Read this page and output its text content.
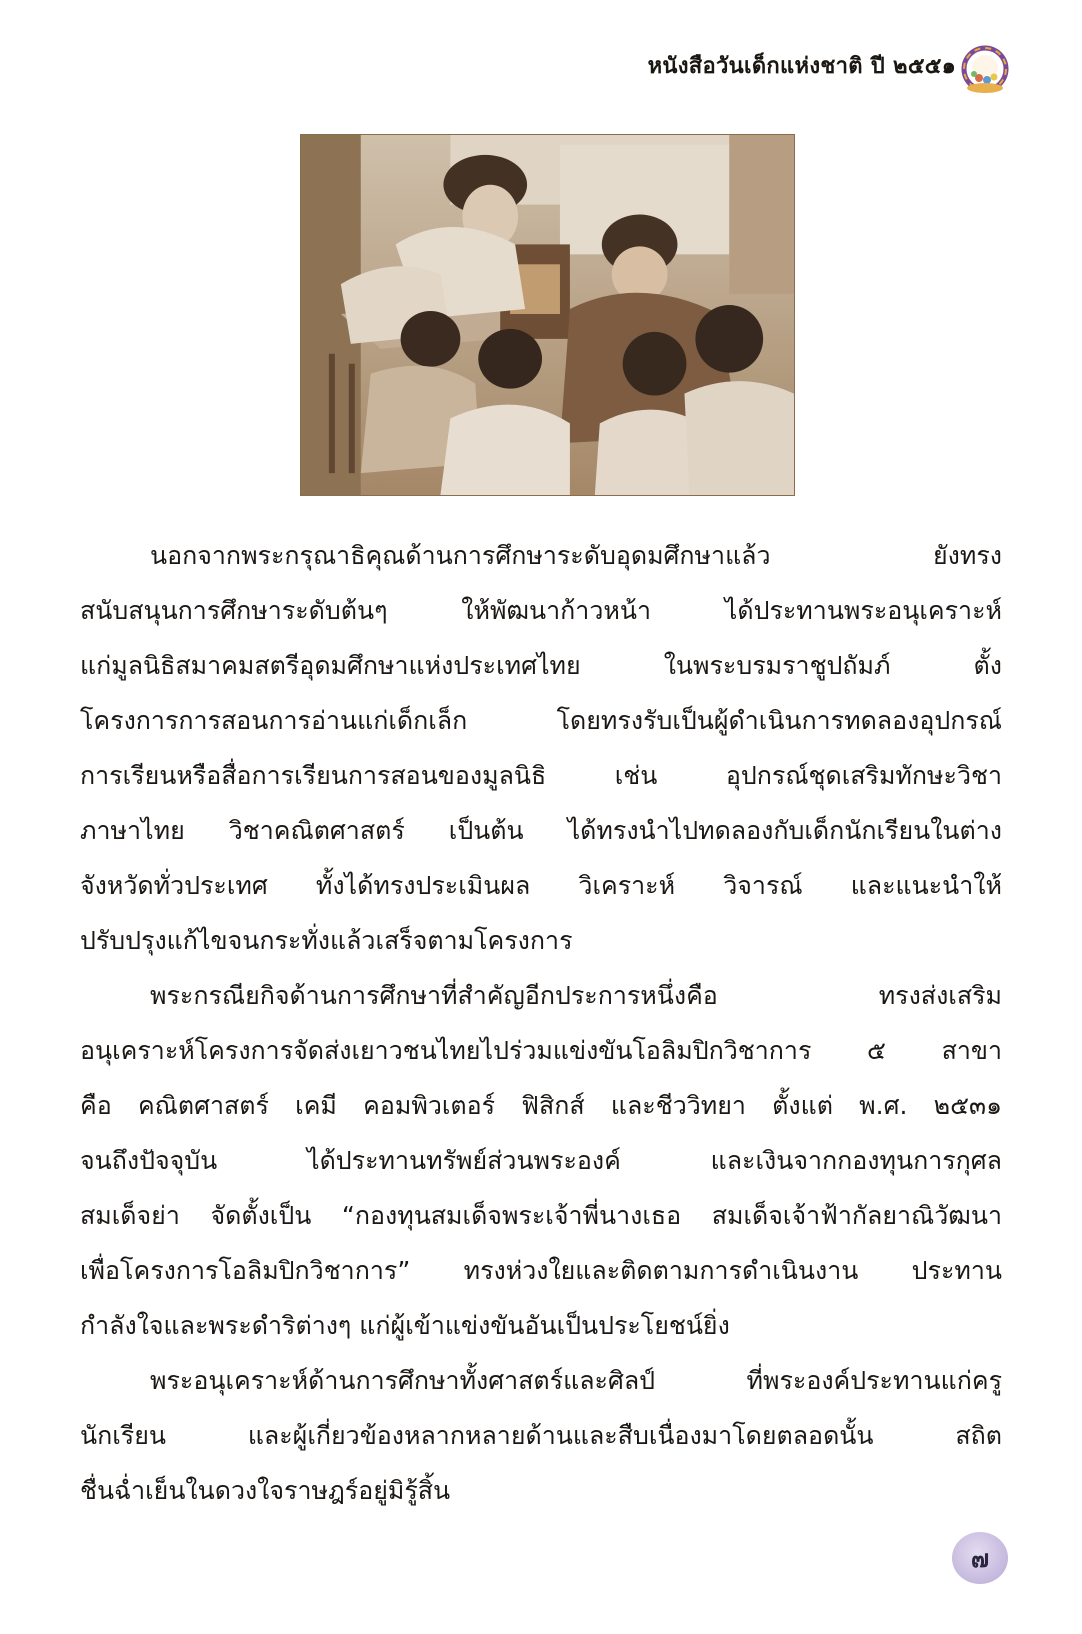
หนังสือวันเด็กแห่งชาติ ปี ๒๕๕๑
นอกจากพระกรุณาธิคุณด้านการศึกษาระดับอุดมศึกษาแล้ว ยังทรง
สนับสนุนการศึกษาระดับต้นๆ ให้พัฒนาก้าวหน้า ได้ประทานพระอนุเคราะห์
แก่มูลนิธิสมาคมสตรีอุดมศึกษาแห่งประเทศไทย ในพระบรมราชูปถัมภ์ ตั้ง
โครงการการสอนการอ่านแก่เด็กเล็ก โดยทรงรับเป็นผู้ดำเนินการทดลองอุปกรณ์
การเรียนหรือสื่อการเรียนการสอนของมูลนิธิ เช่น อุปกรณ์ชุดเสริมทักษะวิชา
ภาษาไทย วิชาคณิตศาสตร์ เป็นต้น ได้ทรงนำไปทดลองกับเด็กนักเรียนในต่าง
จังหวัดทั่วประเทศ ทั้งได้ทรงประเมินผล วิเคราะห์ วิจารณ์ และแนะนำให้
ปรับปรุงแก้ไขจนกระทั่งแล้วเสร็จตามโครงการ
พระกรณียกิจด้านการศึกษาที่สำคัญอีกประการหนึ่งคือ ทรงส่งเสริม
อนุเคราะห์โครงการจัดส่งเยาวชนไทยไปร่วมแข่งขันโอลิมปิกวิชาการ ๕ สาขา
คือ คณิตศาสตร์ เคมี คอมพิวเตอร์ ฟิสิกส์ และชีววิทยา ตั้งแต่ พ.ศ. ๒๕๓๑
จนถึงปัจจุบัน ได้ประทานทรัพย์ส่วนพระองค์ และเงินจากกองทุนการกุศล
สมเด็จย่า จัดตั้งเป็น “กองทุนสมเด็จพระเจ้าพี่นางเธอ สมเด็จเจ้าฟ้ากัลยาณิวัฒนา
เพื่อโครงการโอลิมปิกวิชาการ” ทรงห่วงใยและติดตามการดำเนินงาน ประทาน
กำลังใจและพระดำริต่างๆ แก่ผู้เข้าแข่งขันอันเป็นประโยชน์ยิ่ง
พระอนุเคราะห์ด้านการศึกษาทั้งศาสตร์และศิลป์ ที่พระองค์ประทานแก่ครู
นักเรียน และผู้เกี่ยวข้องหลากหลายด้านและสืบเนื่องมาโดยตลอดนั้น สถิต
ชื่นฉ่ำเย็นในดวงใจราษฎร์อยู่มิรู้สิ้น
๗
